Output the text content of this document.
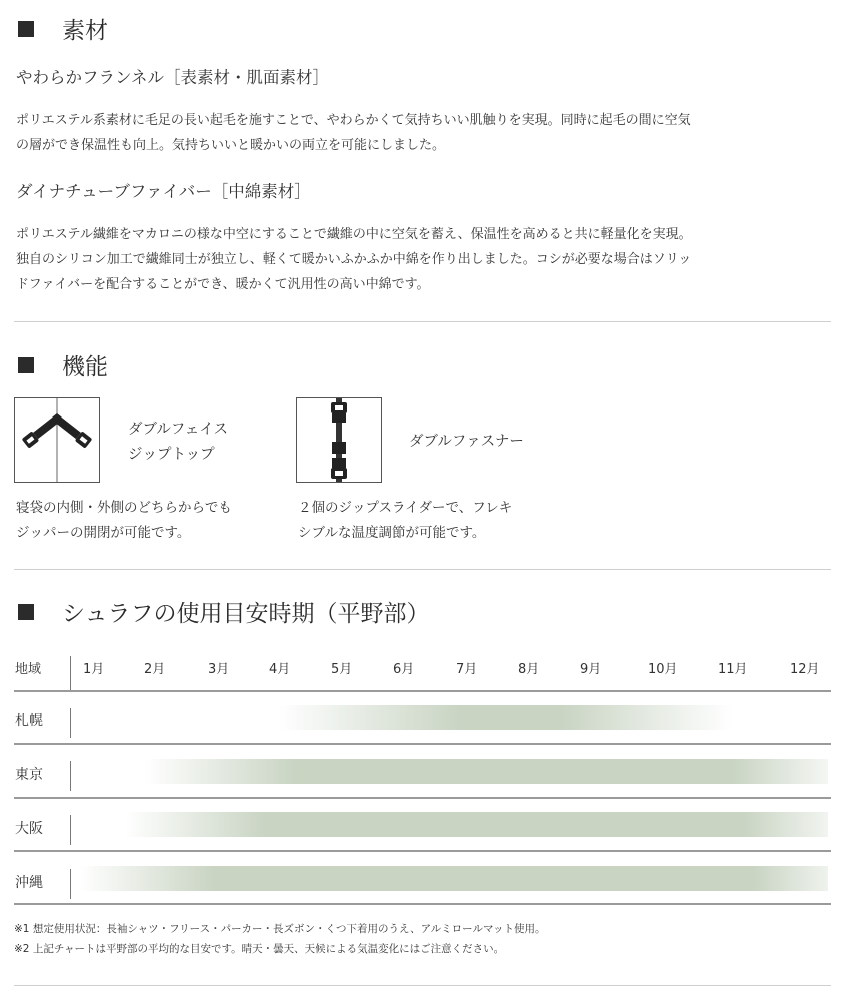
素材
やわらかフランネル［表素材・肌面素材］
ポリエステル系素材に毛足の長い起毛を施すことで、やわらかくて気持ちいい肌触りを実現。同時に起毛の間に空気
の層ができ保温性も向上。気持ちいいと暖かいの両立を可能にしました。
ダイナチューブファイバー［中綿素材］
ポリエステル繊維をマカロニの様な中空にすることで繊維の中に空気を蓄え、保温性を高めると共に軽量化を実現。
独自のシリコン加工で繊維同士が独立し、軽くて暖かいふかふか中綿を作り出しました。コシが必要な場合はソリッ
ドファイバーを配合することができ、暖かくて汎用性の高い中綿です。
機能
ダブルフェイス
ジップトップ
寝袋の内側・外側のどちらからでも
ジッパーの開閉が可能です。
ダブルファスナー
２個のジップスライダーで、フレキ
シブルな温度調節が可能です。
シュラフの使用目安時期（平野部）
地域	1月	2月	3月	4月	5月	6月	7月	8月	9月	10月	11月	12月
札幌
東京
大阪
沖縄
※1 想定使用状況：長袖シャツ・フリース・パーカー・長ズボン・くつ下着用のうえ、アルミロールマット使用。
※2 上記チャートは平野部の平均的な目安です。晴天・曇天、天候による気温変化にはご注意ください。
